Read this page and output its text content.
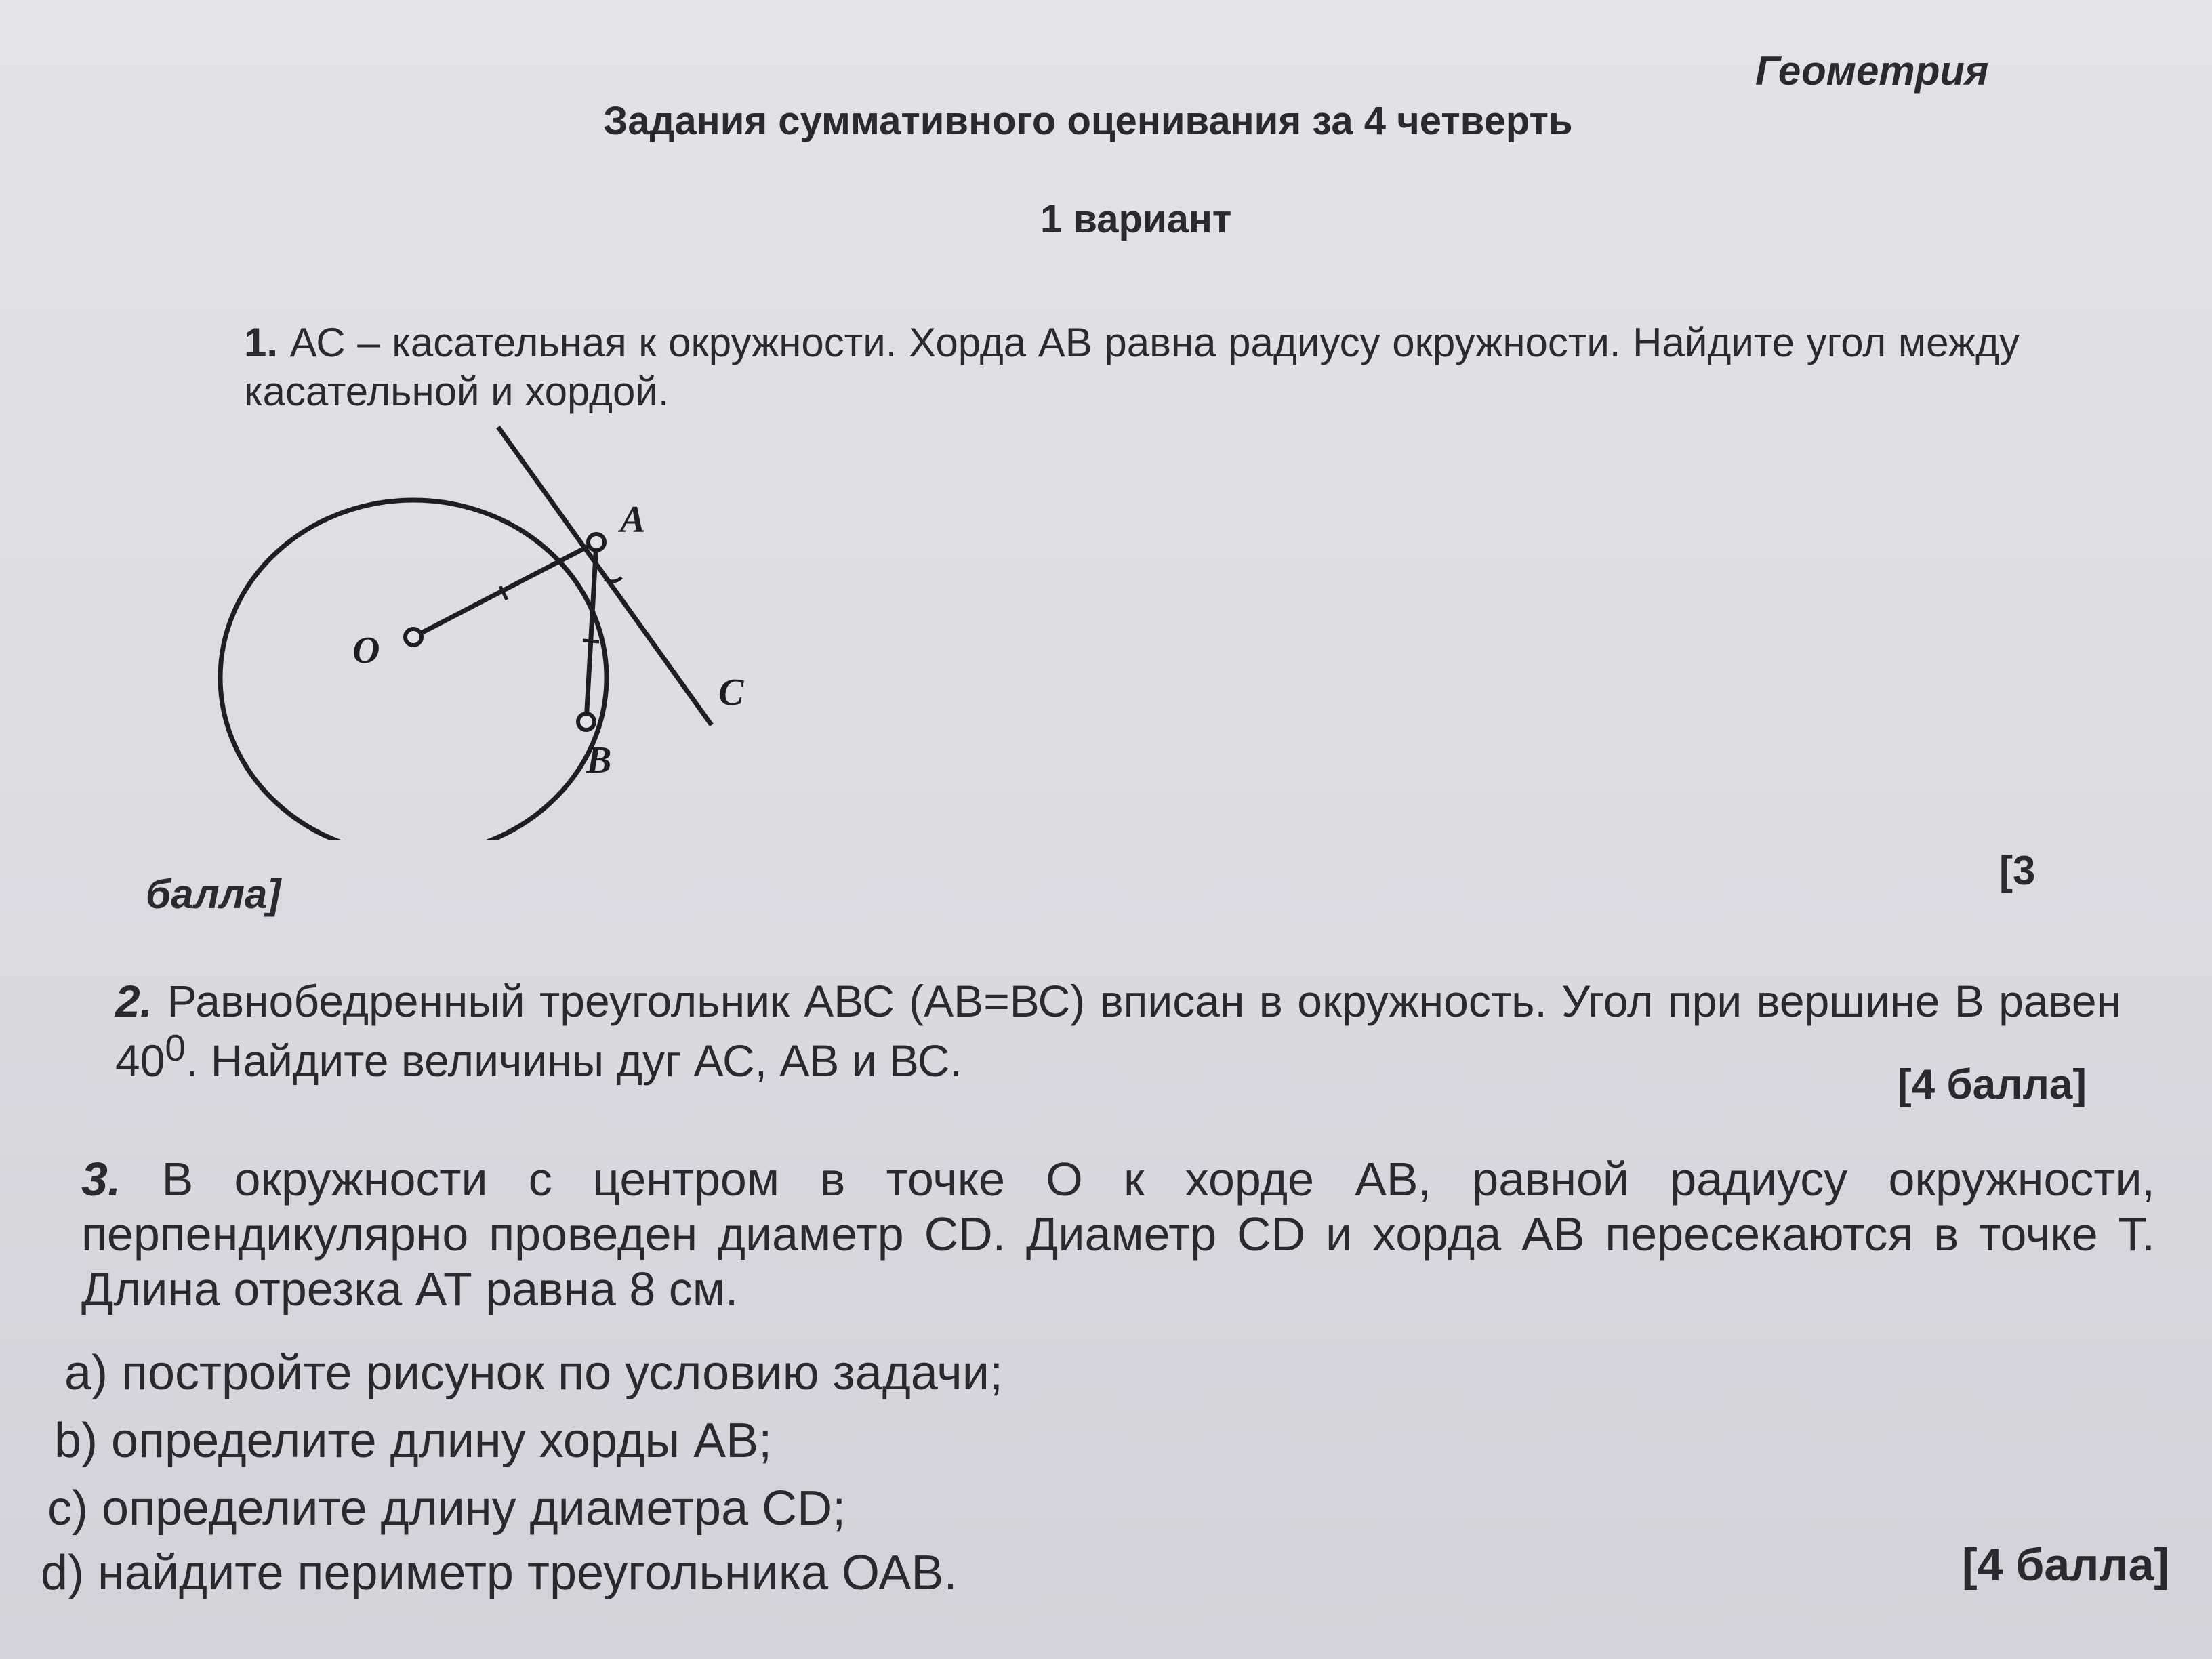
Геометрия
Задания суммативного оценивания за 4 четверть
1 вариант
1. АС – касательная к окружности. Хорда АВ равна радиусу окружности. Найдите угол между касательной и хордой.
A
O
C
B
[3
балла]
2. Равнобедренный треугольник АВС (АВ=ВС) вписан в окружность. Угол при вершине В равен $40^0$. Найдите величины дуг АС, АВ и ВС.	[4 балла]
3. В окружности с центром в точке О к хорде АВ, равной радиусу окружности, перпендикулярно проведен диаметр CD. Диаметр CD и хорда АВ пересекаются в точке Т. Длина отрезка АТ равна 8 см.
a) постройте рисунок по условию задачи;
b) определите длину хорды АВ;
c) определите длину диаметра CD;
d) найдите периметр треугольника ОАВ.	[4 балла]
